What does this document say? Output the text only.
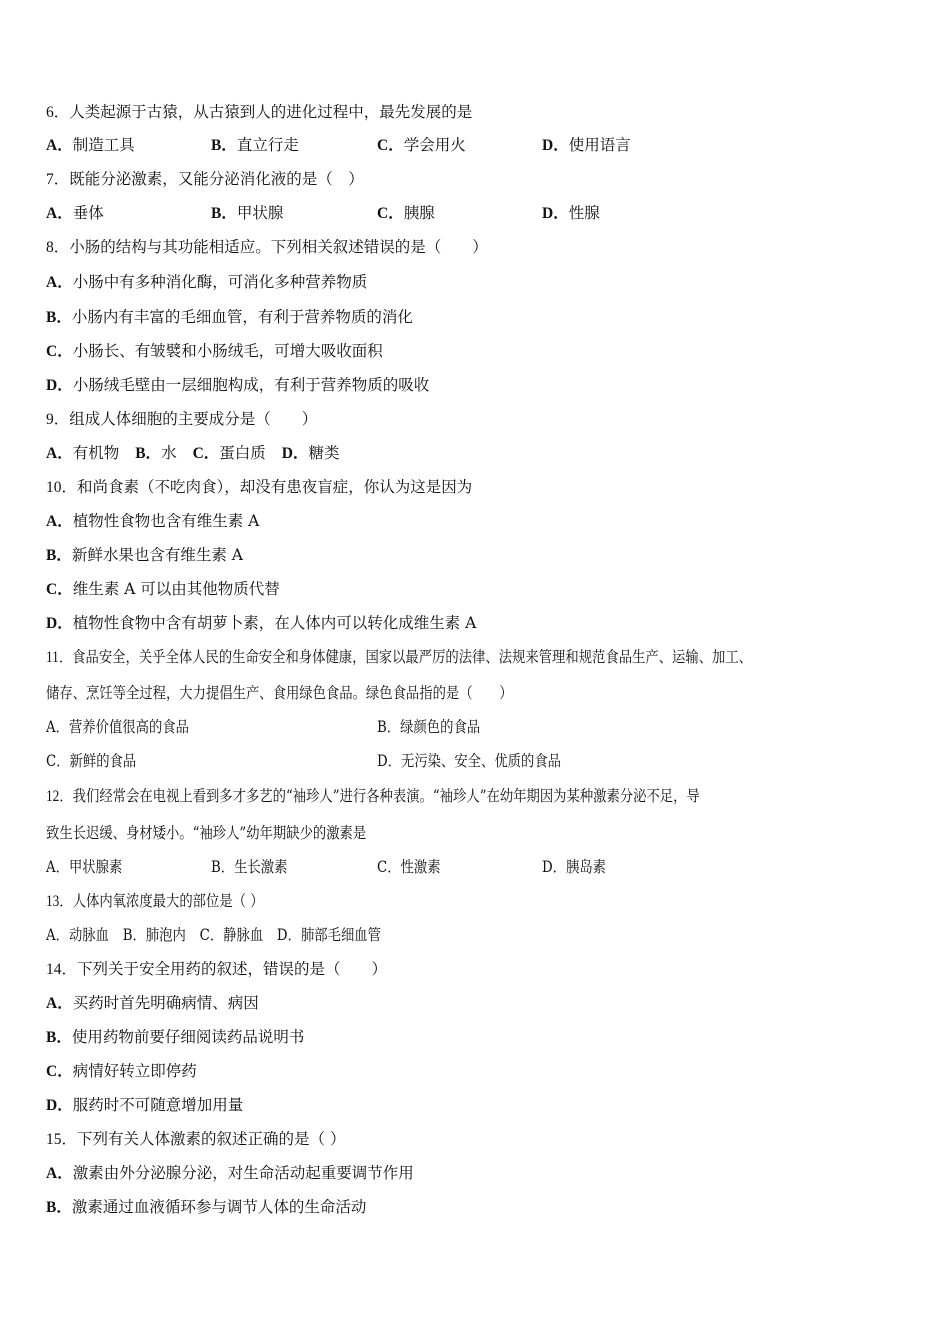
6．人类起源于古猿，从古猿到人的进化过程中，最先发展的是
A．制造工具	B．直立行走	C．学会用火	D．使用语言
7．既能分泌激素，又能分泌消化液的是（　）
A．垂体	B．甲状腺	C．胰腺	D．性腺
8．小肠的结构与其功能相适应。下列相关叙述错误的是（　　）
A．小肠中有多种消化酶，可消化多种营养物质
B．小肠内有丰富的毛细血管，有利于营养物质的消化
C．小肠长、有皱襞和小肠绒毛，可增大吸收面积
D．小肠绒毛壁由一层细胞构成，有利于营养物质的吸收
9．组成人体细胞的主要成分是（　　）
A．有机物 B．水 C．蛋白质 D．糖类
10．和尚食素（不吃肉食），却没有患夜盲症，你认为这是因为
A．植物性食物也含有维生素 A
B．新鲜水果也含有维生素 A
C．维生素 A 可以由其他物质代替
D．植物性食物中含有胡萝卜素，在人体内可以转化成维生素 A
11．食品安全，关乎全体人民的生命安全和身体健康，国家以最严厉的法律、法规来管理和规范食品生产、运输、加工、
储存、烹饪等全过程，大力提倡生产、食用绿色食品。绿色食品指的是（　　）
A．营养价值很高的食品	B．绿颜色的食品
C．新鲜的食品	D．无污染、安全、优质的食品
12．我们经常会在电视上看到多才多艺的“袖珍人”进行各种表演。“袖珍人”在幼年期因为某种激素分泌不足，导
致生长迟缓、身材矮小。“袖珍人”幼年期缺少的激素是
A．甲状腺素	B．生长激素	C．性激素	D．胰岛素
13．人体内氧浓度最大的部位是（ ）
A．动脉血 B．肺泡内 C．静脉血 D．肺部毛细血管
14．下列关于安全用药的叙述，错误的是（　　）
A．买药时首先明确病情、病因
B．使用药物前要仔细阅读药品说明书
C．病情好转立即停药
D．服药时不可随意增加用量
15．下列有关人体激素的叙述正确的是（ ）
A．激素由外分泌腺分泌，对生命活动起重要调节作用
B．激素通过血液循环参与调节人体的生命活动
